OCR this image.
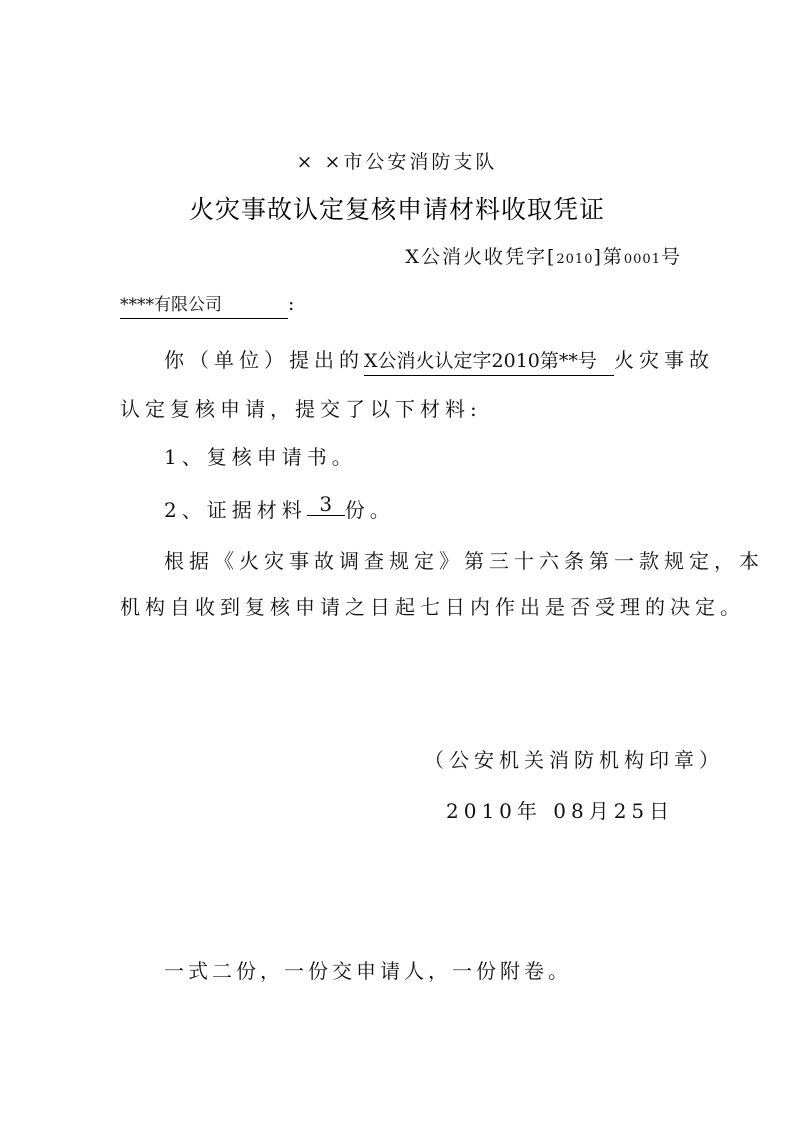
× ×市公安消防支队
火灾事故认定复核申请材料收取凭证
X公消火收凭字[2010]第0001号
****有限公司	:
你（单位）提出的X公消火认定字2010第**号 火灾事故
认定复核申请，提交了以下材料:
1、复核申请书。
2、证据材料 3 份。
根据《火灾事故调查规定》第三十六条第一款规定，本
机构自收到复核申请之日起七日内作出是否受理的决定。
（公安机关消防机构印章）
2010年 08月25日
一式二份，一份交申请人，一份附卷。
